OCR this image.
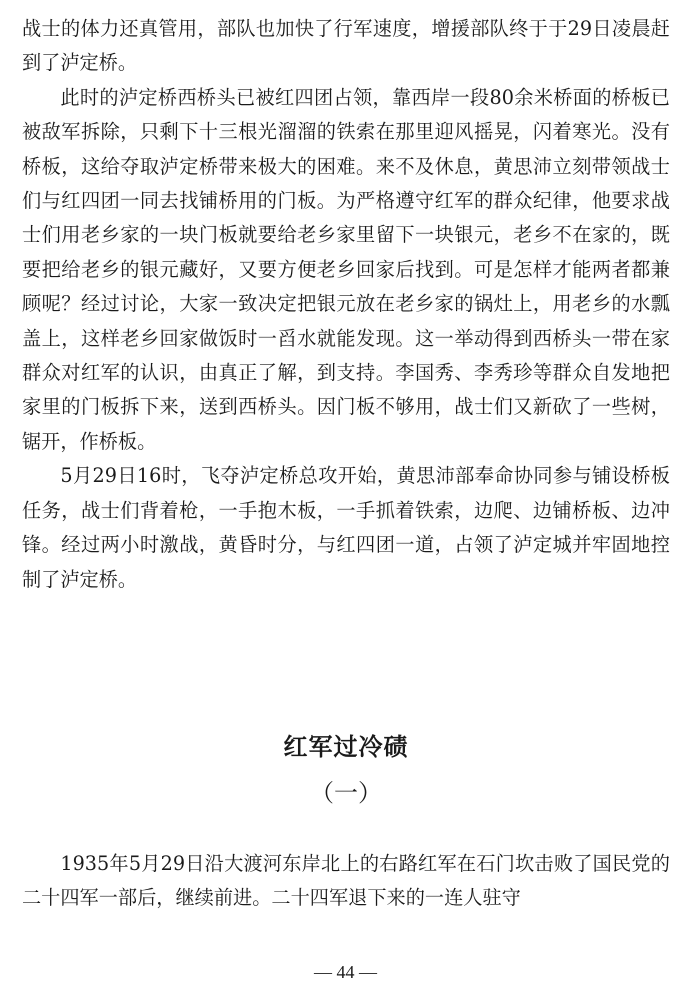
战士的体力还真管用，部队也加快了行军速度，增援部队终于于29日凌晨赶到了泸定桥。

此时的泸定桥西桥头已被红四团占领，靠西岸一段80余米桥面的桥板已被敌军拆除，只剩下十三根光溜溜的铁索在那里迎风摇晃，闪着寒光。没有桥板，这给夺取泸定桥带来极大的困难。来不及休息，黄思沛立刻带领战士们与红四团一同去找铺桥用的门板。为严格遵守红军的群众纪律，他要求战士们用老乡家的一块门板就要给老乡家里留下一块银元，老乡不在家的，既要把给老乡的银元藏好，又要方便老乡回家后找到。可是怎样才能两者都兼顾呢？经过讨论，大家一致决定把银元放在老乡家的锅灶上，用老乡的水瓢盖上，这样老乡回家做饭时一舀水就能发现。这一举动得到西桥头一带在家群众对红军的认识，由真正了解，到支持。李国秀、李秀珍等群众自发地把家里的门板拆下来，送到西桥头。因门板不够用，战士们又新砍了一些树，锯开，作桥板。

5月29日16时，飞夺泸定桥总攻开始，黄思沛部奉命协同参与铺设桥板任务，战士们背着枪，一手抱木板，一手抓着铁索，边爬、边铺桥板、边冲锋。经过两小时激战，黄昏时分，与红四团一道，占领了泸定城并牢固地控制了泸定桥。

红军过冷碛
（一）

1935年5月29日沿大渡河东岸北上的右路红军在石门坎击败了国民党的二十四军一部后，继续前进。二十四军退下来的一连人驻守

— 44 —
